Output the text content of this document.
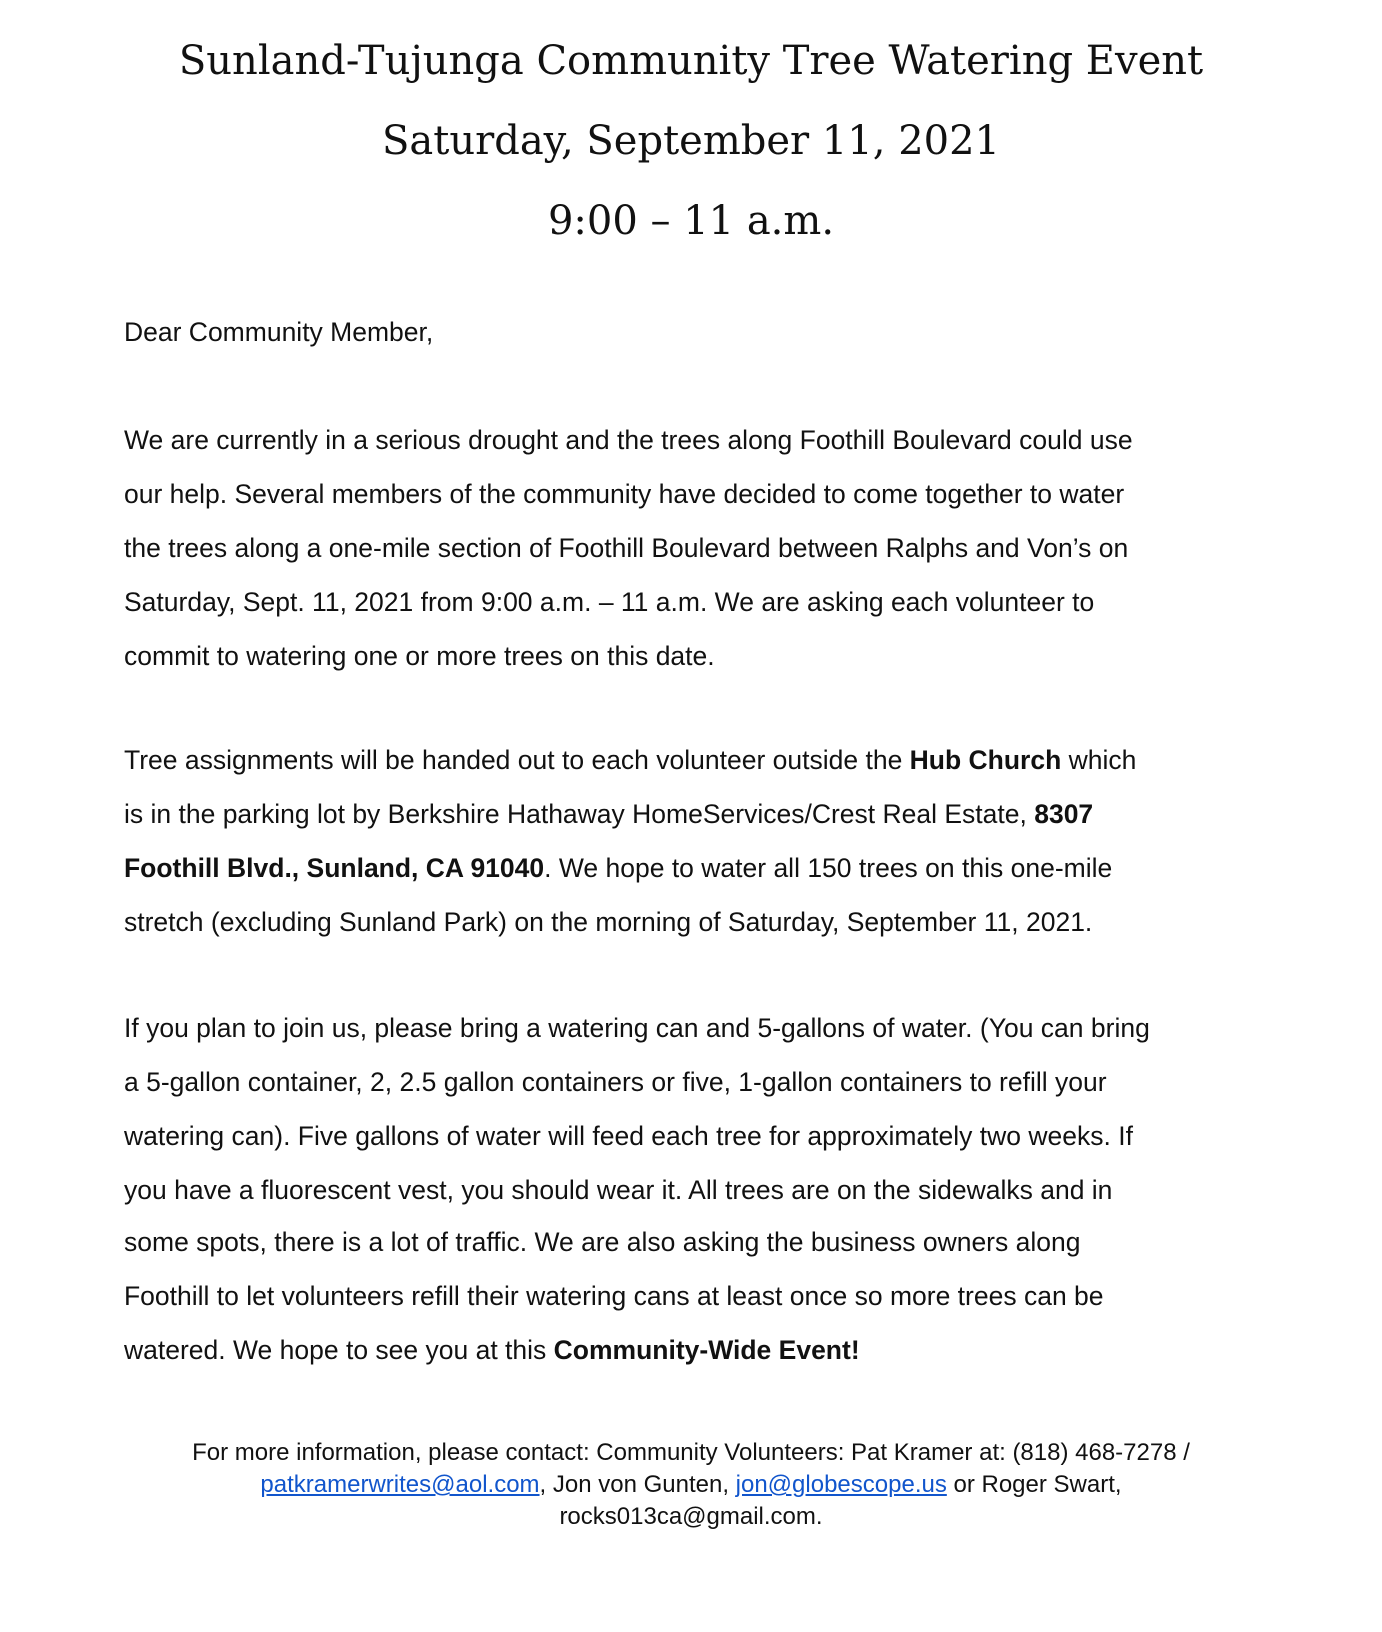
Sunland-Tujunga Community Tree Watering Event
Saturday, September 11, 2021
9:00 – 11 a.m.
Dear Community Member,
We are currently in a serious drought and the trees along Foothill Boulevard could use
our help. Several members of the community have decided to come together to water
the trees along a one-mile section of Foothill Boulevard between Ralphs and Von’s on
Saturday, Sept. 11, 2021 from 9:00 a.m. – 11 a.m. We are asking each volunteer to
commit to watering one or more trees on this date.
Tree assignments will be handed out to each volunteer outside the Hub Church which
is in the parking lot by Berkshire Hathaway HomeServices/Crest Real Estate, 8307
Foothill Blvd., Sunland, CA 91040. We hope to water all 150 trees on this one-mile
stretch (excluding Sunland Park) on the morning of Saturday, September 11, 2021.
If you plan to join us, please bring a watering can and 5-gallons of water. (You can bring
a 5-gallon container, 2, 2.5 gallon containers or five, 1-gallon containers to refill your
watering can). Five gallons of water will feed each tree for approximately two weeks. If
you have a fluorescent vest, you should wear it. All trees are on the sidewalks and in
some spots, there is a lot of traffic. We are also asking the business owners along
Foothill to let volunteers refill their watering cans at least once so more trees can be
watered. We hope to see you at this Community-Wide Event!
For more information, please contact: Community Volunteers: Pat Kramer at: (818) 468-7278 /
patkramerwrites@aol.com, Jon von Gunten, jon@globescope.us or Roger Swart,
rocks013ca@gmail.com.
